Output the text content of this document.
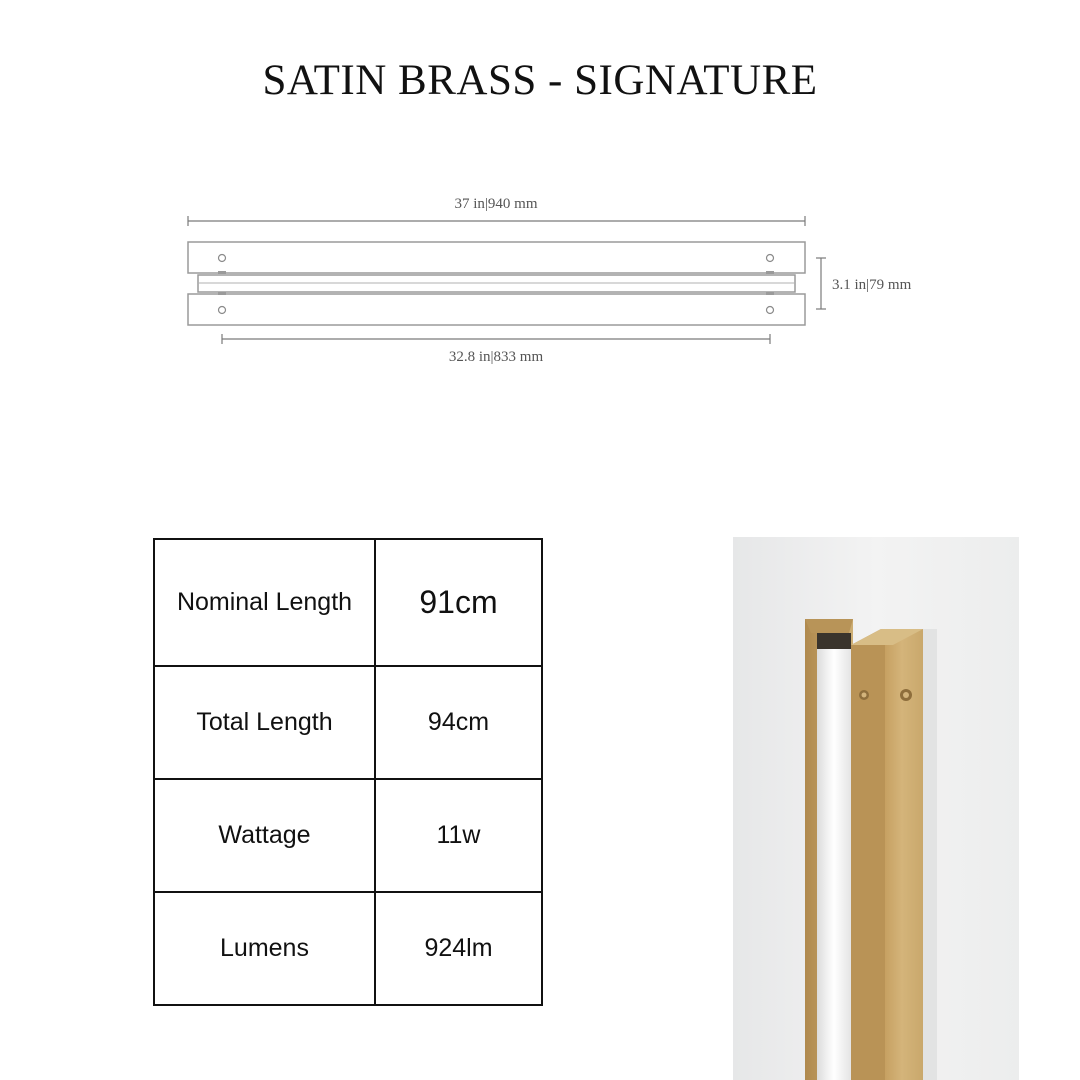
SATIN BRASS - SIGNATURE
37 in|940 mm
3.1 in|79 mm
32.8 in|833 mm
Nominal Length	91cm
Total Length	94cm
Wattage	11w
Lumens	924lm
